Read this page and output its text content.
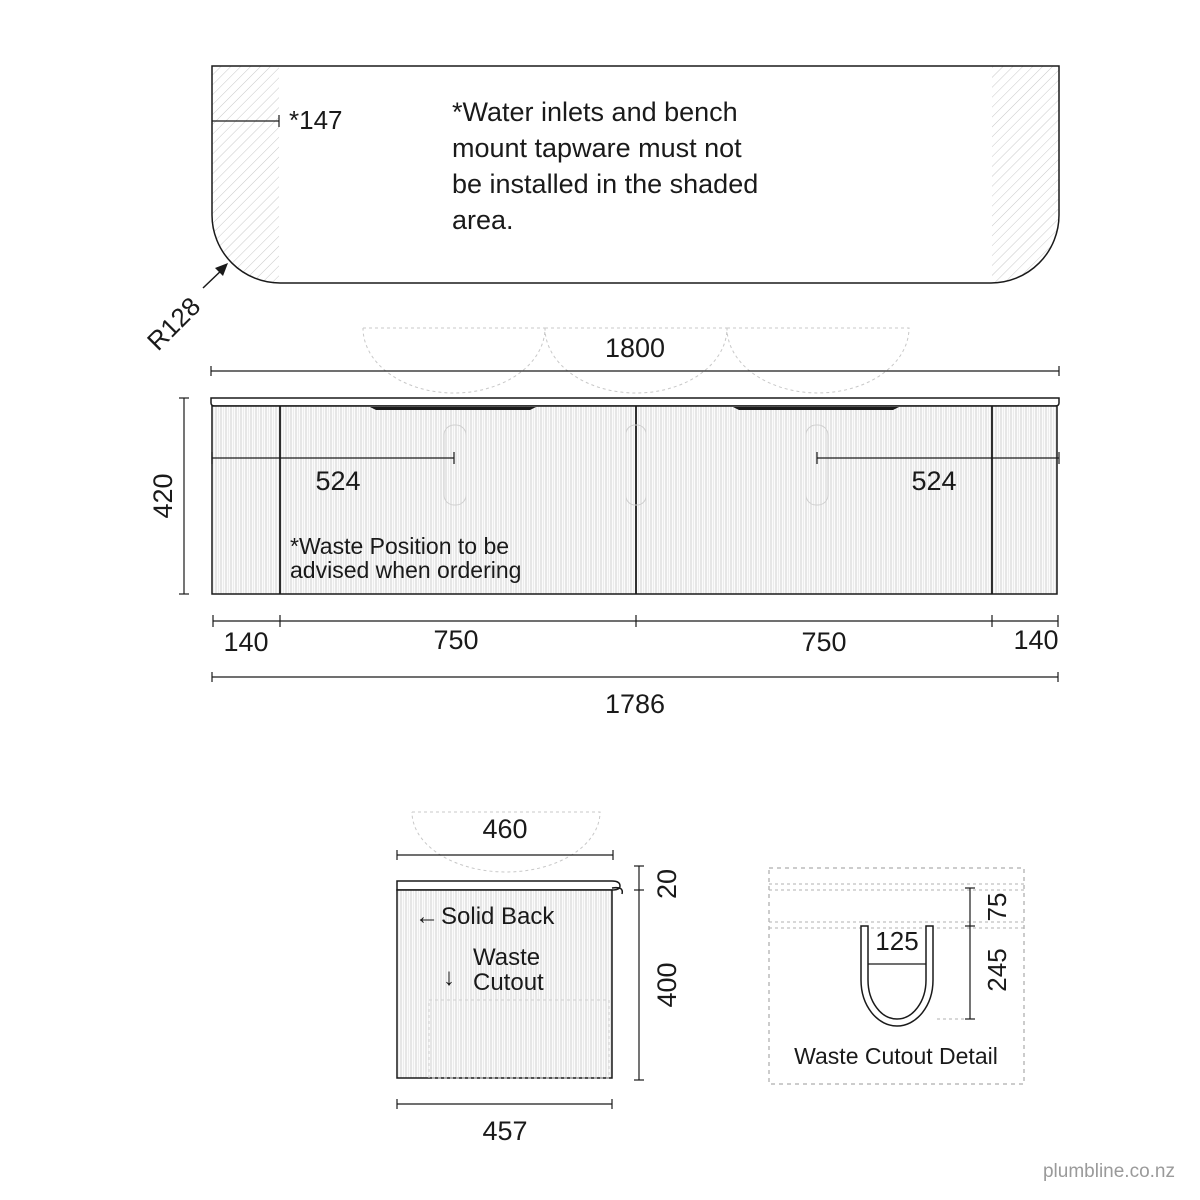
*147	*Water inlets and bench
mount tapware must not
be installed in the shaded
area.
R128	1800
524	524
*Waste Position to be
advised when ordering
420
140	750	750	140
1786
460
← Solid Back
Waste
Cutout
↓
20
400
457
125
75
245
Waste Cutout Detail
plumbline.co.nz
